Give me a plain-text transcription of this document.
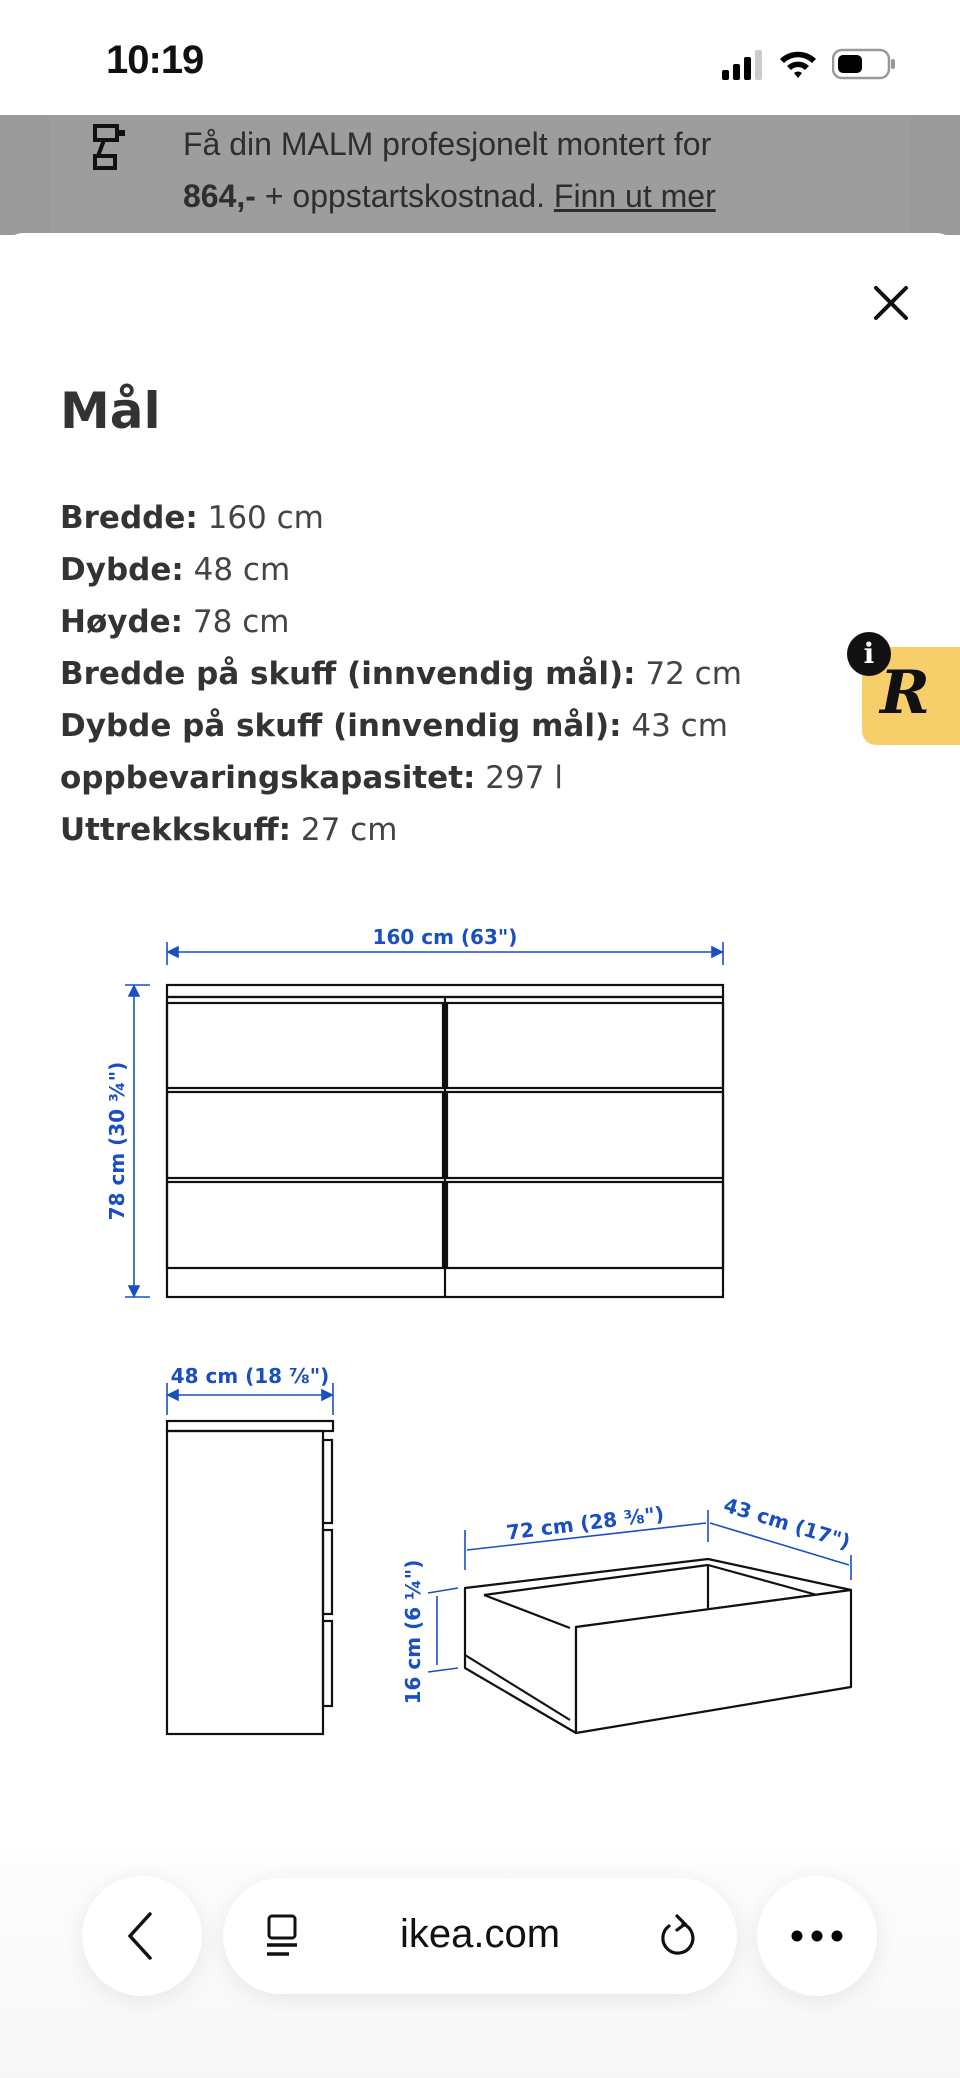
10:19
Få din MALM profesjonelt montert for
864,- + oppstartskostnad. Finn ut mer
Mål
Bredde: 160 cm
Dybde: 48 cm
Høyde: 78 cm
Bredde på skuff (innvendig mål): 72 cm
Dybde på skuff (innvendig mål): 43 cm
oppbevaringskapasitet: 297 l
Uttrekkskuff: 27 cm
i
R
160 cm (63")
78 cm (30 ¾")
48 cm (18 ⅞")
72 cm (28 ⅜")	43 cm (17")
16 cm (6 ¼")
ikea.com
